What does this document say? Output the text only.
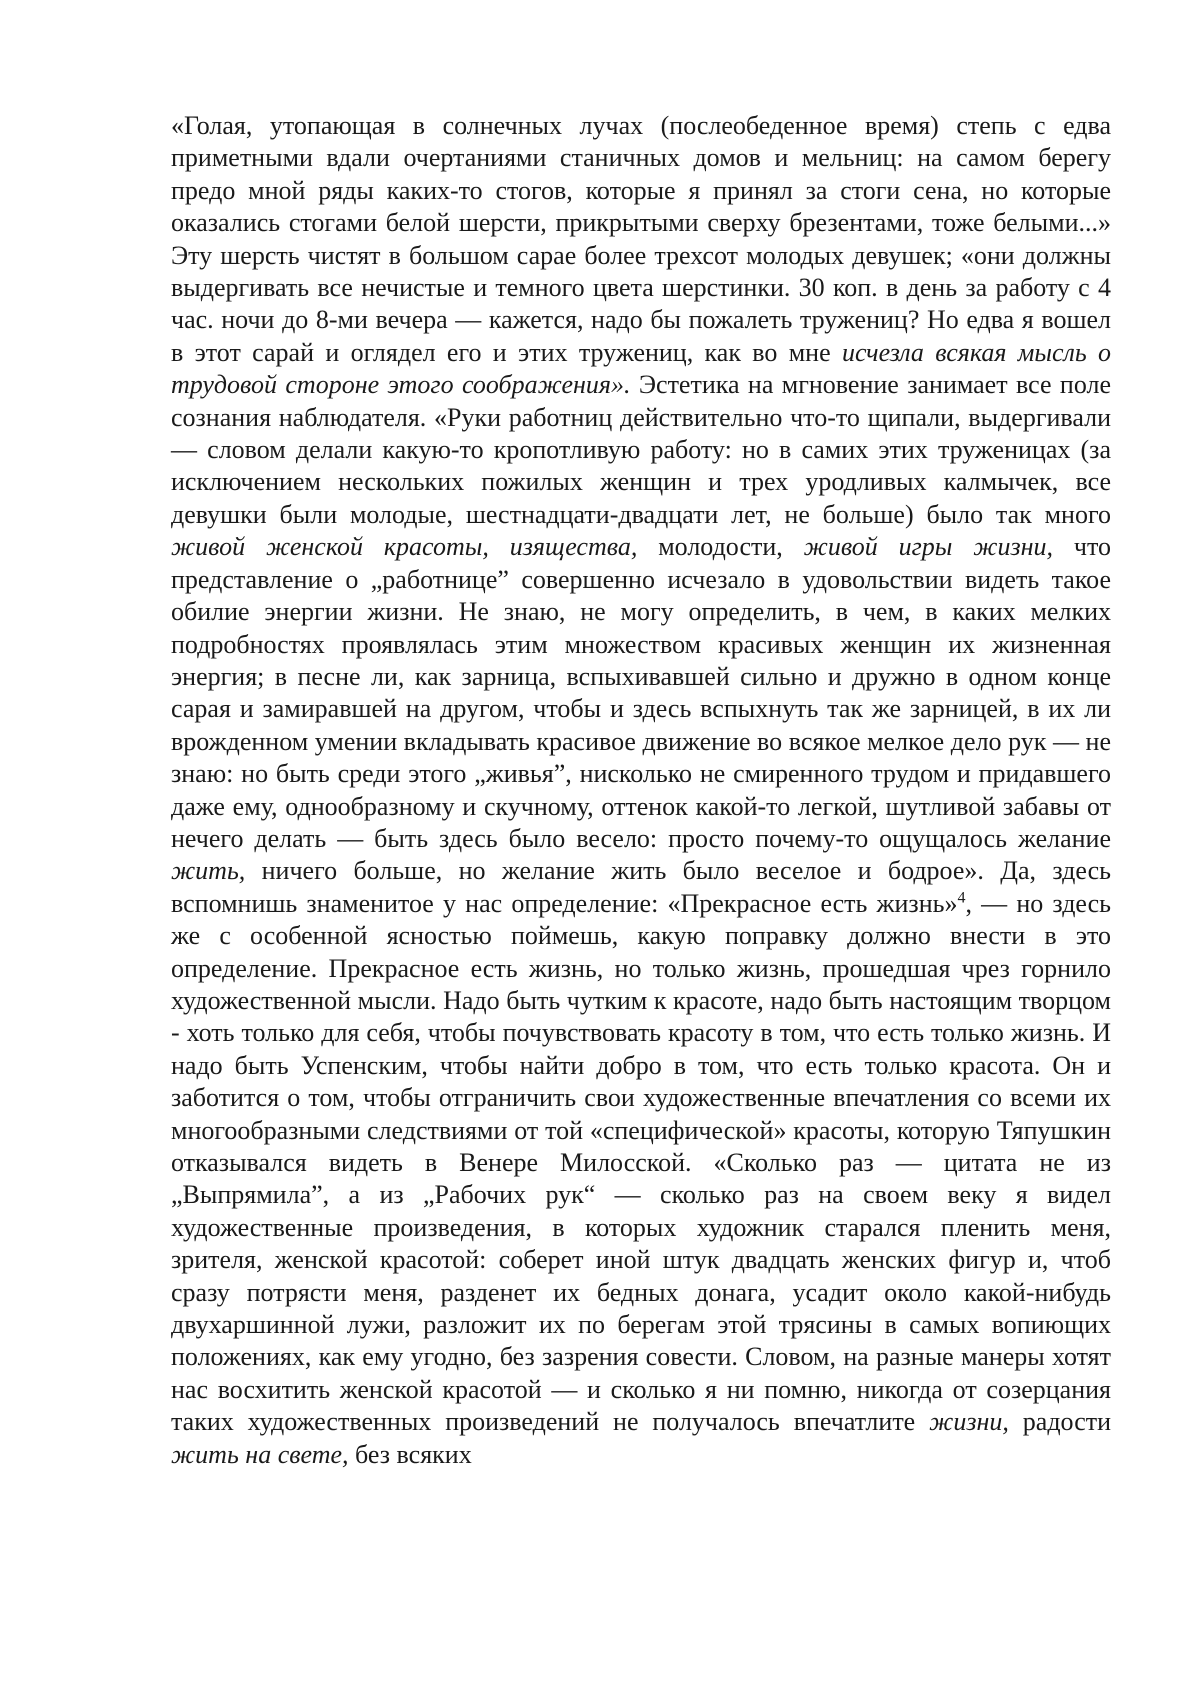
«Голая, утопающая в солнечных лучах (послеобеденное время) степь с едва приметными вдали очертаниями станичных домов и мельниц: на самом берегу предо мной ряды каких-то стогов, которые я принял за стоги сена, но которые оказались стогами белой шерсти, прикрытыми сверху брезентами, тоже белыми...» Эту шерсть чистят в большом сарае более трехсот молодых девушек; «они должны выдергивать все нечистые и темного цвета шерстинки. 30 коп. в день за работу с 4 час. ночи до 8-ми вечера — кажется, надо бы пожалеть тружениц? Но едва я вошел в этот сарай и оглядел его и этих тружениц, как во мне исчезла всякая мысль о трудовой стороне этого соображения». Эстетика на мгновение занимает все поле сознания наблюдателя. «Руки работниц действительно что-то щипали, выдергивали — словом делали какую-то кропотливую работу: но в самих этих труженицах (за исключением нескольких пожилых женщин и трех уродливых калмычек, все девушки были молодые, шестнадцати-двадцати лет, не больше) было так много живой женской красоты, изящества, молодости, живой игры жизни, что представление о „работнице” совершенно исчезало в удовольствии видеть такое обилие энергии жизни. Не знаю, не могу определить, в чем, в каких мелких подробностях проявлялась этим множеством красивых женщин их жизненная энергия; в песне ли, как зарница, вспыхивавшей сильно и дружно в одном конце сарая и замиравшей на другом, чтобы и здесь вспыхнуть так же зарницей, в их ли врожденном умении вкладывать красивое движение во всякое мелкое дело рук — не знаю: но быть среди этого „живья”, нисколько не смиренного трудом и придавшего даже ему, однообразному и скучному, оттенок какой-то легкой, шутливой забавы от нечего делать — быть здесь было весело: просто почему-то ощущалось желание жить, ничего больше, но желание жить было веселое и бодрое». Да, здесь вспомнишь знаменитое у нас определение: «Прекрасное есть жизнь»$^4$, — но здесь же с особенной ясностью поймешь, какую поправку должно внести в это определение. Прекрасное есть жизнь, но только жизнь, прошедшая чрез горнило художественной мысли. Надо быть чутким к красоте, надо быть настоящим творцом - хоть только для себя, чтобы почувствовать красоту в том, что есть только жизнь. И надо быть Успенским, чтобы найти добро в том, что есть только красота. Он и заботится о том, чтобы отграничить свои художественные впечатления со всеми их многообразными следствиями от той «специфической» красоты, которую Тяпушкин отказывался видеть в Венере Милосской. «Сколько раз — цитата не из „Выпрямила”, а из „Рабочих рук“ — сколько раз на своем веку я видел художественные произведения, в которых художник старался пленить меня, зрителя, женской красотой: соберет иной штук двадцать женских фигур и, чтоб сразу потрясти меня, разденет их бедных донага, усадит около какой-нибудь двухаршинной лужи, разложит их по берегам этой трясины в самых вопиющих положениях, как ему угодно, без зазрения совести. Словом, на разные манеры хотят нас восхитить женской красотой — и сколько я ни помню, никогда от созерцания таких художественных произведений не получалось впечатлите жизни, радости жить на свете, без всяких
